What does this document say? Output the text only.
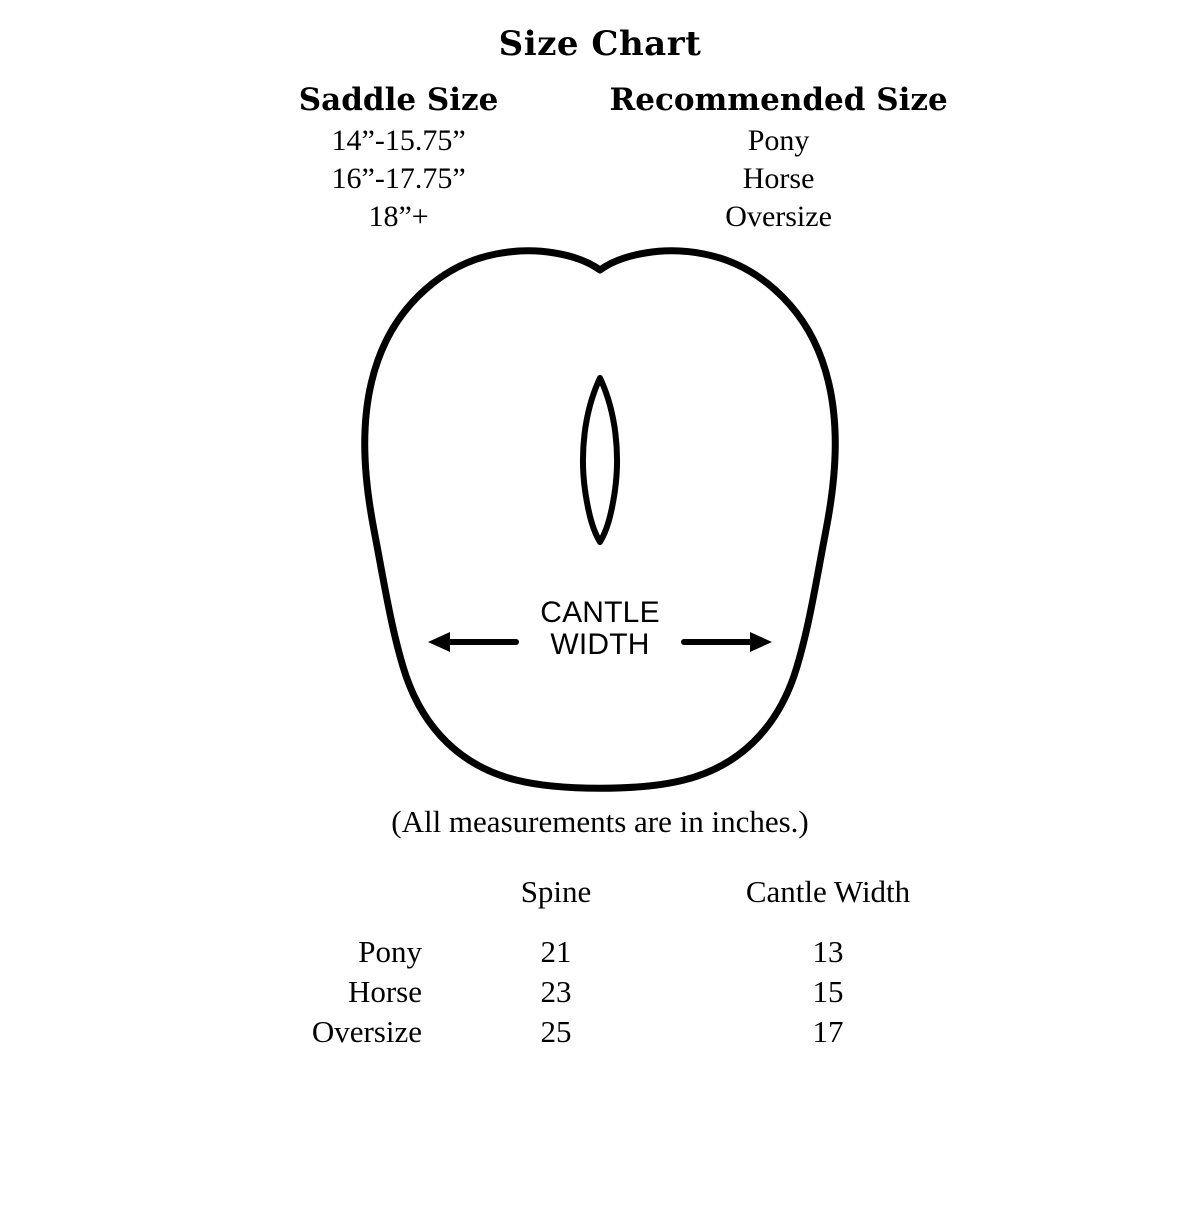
Size Chart
Saddle Size	Recommended Size
14”-15.75”	Pony
16”-17.75”	Horse
18”+	Oversize
CANTLE
WIDTH
(All measurements are in inches.)
	Spine	Cantle Width
Pony	21	13
Horse	23	15
Oversize	25	17
